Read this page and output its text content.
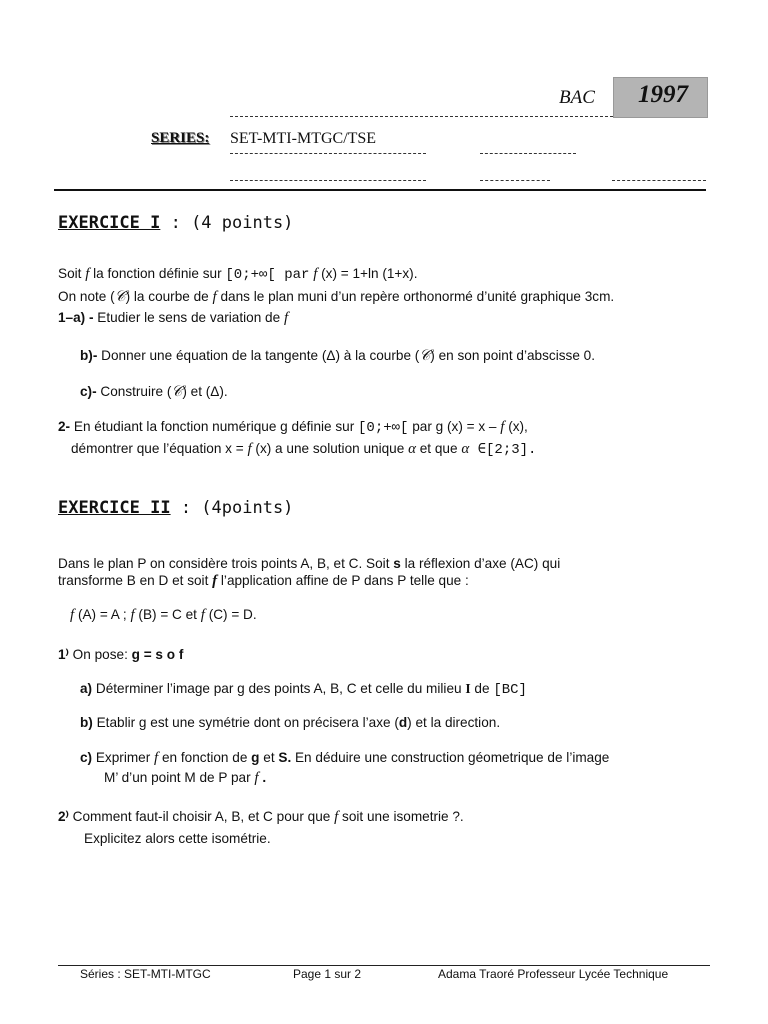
BAC 1997
SERIES: SET-MTI-MTGC/TSE
EXERCICE I : (4 points)
Soit f la fonction définie sur [0;+∞[ par f (x) = 1+ln (1+x).
On note (𝒞) la courbe de f dans le plan muni d’un repère orthonormé d’unité graphique 3cm.
1–a) - Etudier le sens de variation de f
b)- Donner une équation de la tangente (Δ) à la courbe (𝒞) en son point d’abscisse 0.
c)- Construire (𝒞) et (Δ).
2- En étudiant la fonction numérique g définie sur [0;+∞[ par g (x) = x – f (x),
démontrer que l’équation x = f (x) a une solution unique α et que α ∈[2;3].
EXERCICE II : (4points)
Dans le plan P on considère trois points A, B, et C. Soit s la réflexion d’axe (AC) qui
transforme B en D et soit f l’application affine de P dans P telle que :
f (A) = A ; f (B) = C et f (C) = D.
1⁾ On pose: g = s ο f
a) Déterminer l’image par g des points A, B, C et celle du milieu I de [BC]
b) Etablir g est une symétrie dont on précisera l’axe (d) et la direction.
c) Exprimer f en fonction de g et S. En déduire une construction géometrique de l’image
M’ d’un point M de P par f .
2⁾ Comment faut-il choisir A, B, et C pour que f soit une isometrie ?.
Explicitez alors cette isométrie.
Séries : SET-MTI-MTGC	Page 1 sur 2	Adama Traoré Professeur Lycée Technique
